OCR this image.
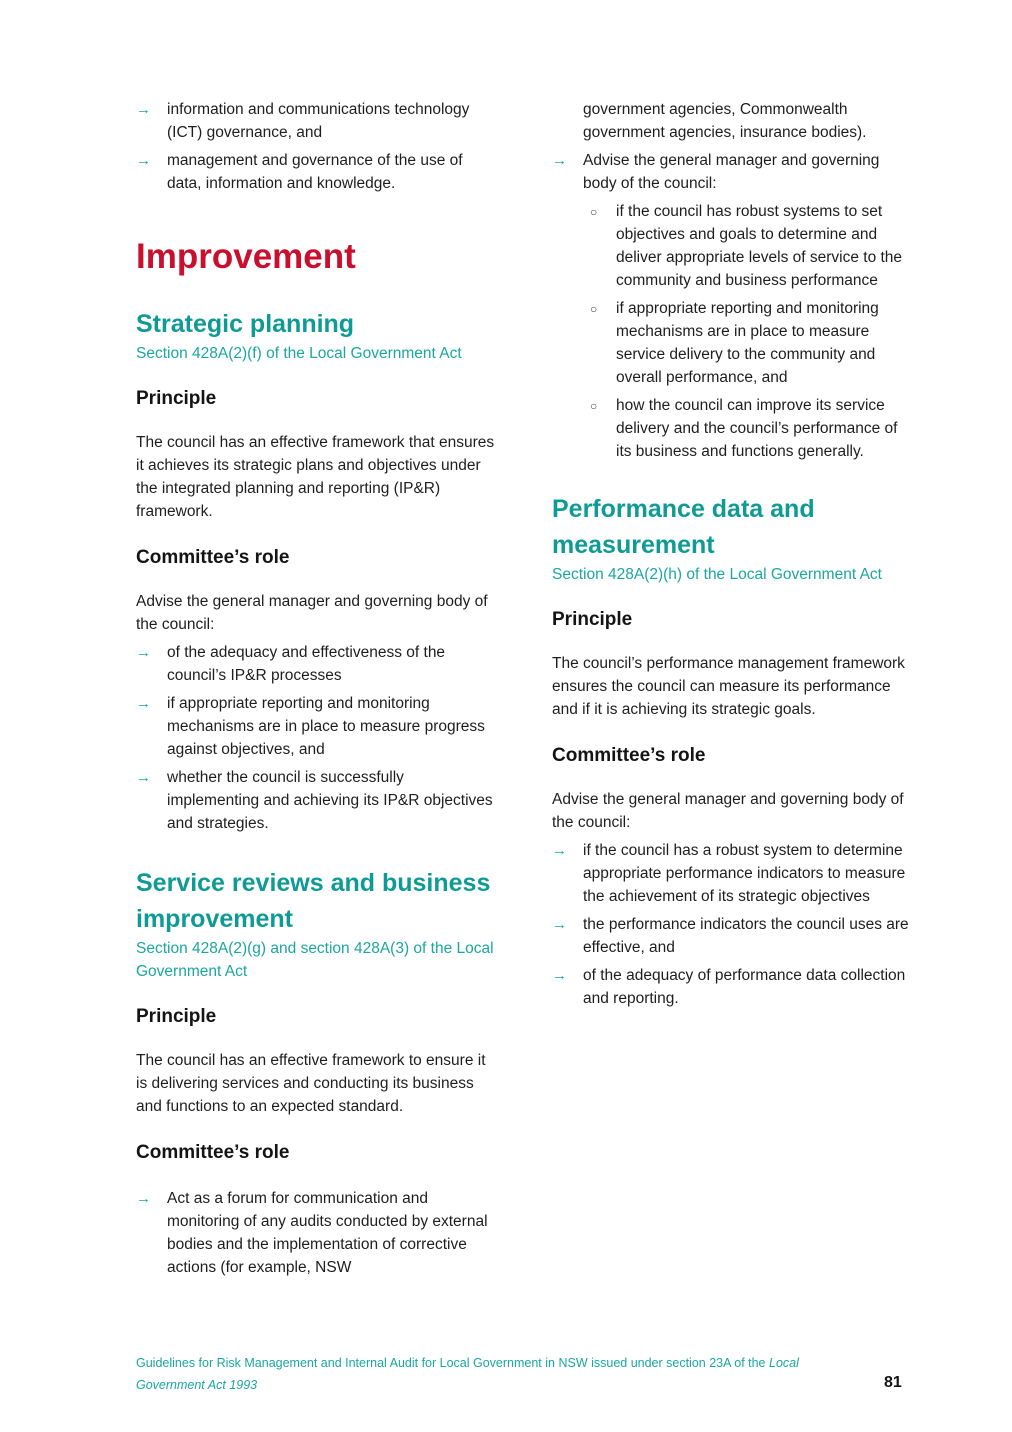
→ information and communications technology (ICT) governance, and
→ management and governance of the use of data, information and knowledge.
Improvement
Strategic planning

Section 428A(2)(f) of the Local Government Act

Principle

The council has an effective framework that ensures it achieves its strategic plans and objectives under the integrated planning and reporting (IP&R) framework.

Committee’s role

Advise the general manager and governing body of the council:

→ of the adequacy and effectiveness of the council’s IP&R processes
→ if appropriate reporting and monitoring mechanisms are in place to measure progress against objectives, and
→ whether the council is successfully implementing and achieving its IP&R objectives and strategies.
Service reviews and business improvement

Section 428A(2)(g) and section 428A(3) of the Local Government Act

Principle

The council has an effective framework to ensure it is delivering services and conducting its business and functions to an expected standard.

Committee’s role
→ Act as a forum for communication and monitoring of any audits conducted by external bodies and the implementation of corrective actions (for example, NSW

government agencies, Commonwealth government agencies, insurance bodies).

→ Advise the general manager and governing body of the council:
○ if the council has robust systems to set objectives and goals to determine and deliver appropriate levels of service to the community and business performance
○ if appropriate reporting and monitoring mechanisms are in place to measure service delivery to the community and overall performance, and
○ how the council can improve its service delivery and the council’s performance of its business and functions generally.
Performance data and measurement

Section 428A(2)(h) of the Local Government Act

Principle

The council’s performance management framework ensures the council can measure its performance and if it is achieving its strategic goals.

Committee’s role

Advise the general manager and governing body of the council:

→ if the council has a robust system to determine appropriate performance indicators to measure the achievement of its strategic objectives
→ the performance indicators the council uses are effective, and
→ of the adequacy of performance data collection and reporting.
Guidelines for Risk Management and Internal Audit for Local Government in NSW issued under section 23A of the Local Government Act 1993	81
